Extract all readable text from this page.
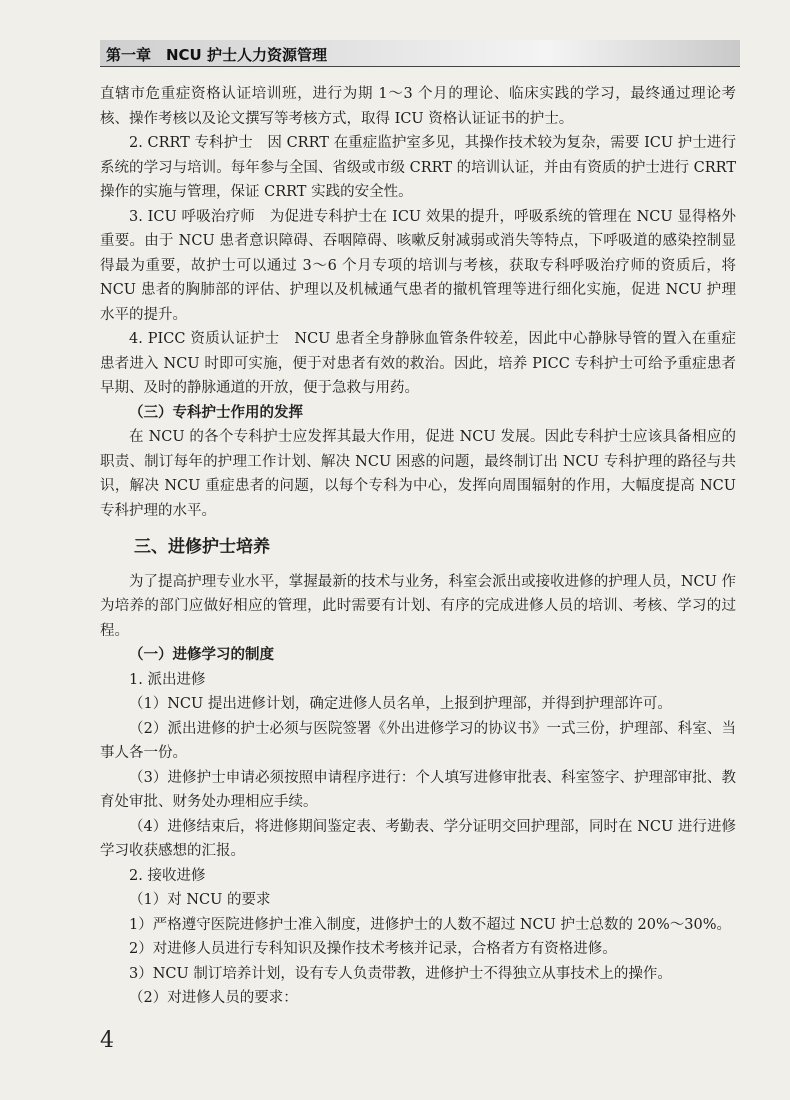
第一章　NCU 护士人力资源管理

直辖市危重症资格认证培训班，进行为期 1～3 个月的理论、临床实践的学习，最终通过理论考核、操作考核以及论文撰写等考核方式，取得 ICU 资格认证证书的护士。

2. CRRT 专科护士　因 CRRT 在重症监护室多见，其操作技术较为复杂，需要 ICU 护士进行系统的学习与培训。每年参与全国、省级或市级 CRRT 的培训认证，并由有资质的护士进行 CRRT 操作的实施与管理，保证 CRRT 实践的安全性。

3. ICU 呼吸治疗师　为促进专科护士在 ICU 效果的提升，呼吸系统的管理在 NCU 显得格外重要。由于 NCU 患者意识障碍、吞咽障碍、咳嗽反射减弱或消失等特点，下呼吸道的感染控制显得最为重要，故护士可以通过 3～6 个月专项的培训与考核，获取专科呼吸治疗师的资质后，将 NCU 患者的胸肺部的评估、护理以及机械通气患者的撤机管理等进行细化实施，促进 NCU 护理水平的提升。

4. PICC 资质认证护士　NCU 患者全身静脉血管条件较差，因此中心静脉导管的置入在重症患者进入 NCU 时即可实施，便于对患者有效的救治。因此，培养 PICC 专科护士可给予重症患者早期、及时的静脉通道的开放，便于急救与用药。

（三）专科护士作用的发挥

在 NCU 的各个专科护士应发挥其最大作用，促进 NCU 发展。因此专科护士应该具备相应的职责、制订每年的护理工作计划、解决 NCU 困惑的问题，最终制订出 NCU 专科护理的路径与共识，解决 NCU 重症患者的问题，以每个专科为中心，发挥向周围辐射的作用，大幅度提高 NCU 专科护理的水平。

三、进修护士培养

为了提高护理专业水平，掌握最新的技术与业务，科室会派出或接收进修的护理人员，NCU 作为培养的部门应做好相应的管理，此时需要有计划、有序的完成进修人员的培训、考核、学习的过程。

（一）进修学习的制度

1. 派出进修

（1）NCU 提出进修计划，确定进修人员名单，上报到护理部，并得到护理部许可。

（2）派出进修的护士必须与医院签署《外出进修学习的协议书》一式三份，护理部、科室、当事人各一份。

（3）进修护士申请必须按照申请程序进行：个人填写进修审批表、科室签字、护理部审批、教育处审批、财务处办理相应手续。

（4）进修结束后，将进修期间鉴定表、考勤表、学分证明交回护理部，同时在 NCU 进行进修学习收获感想的汇报。

2. 接收进修

（1）对 NCU 的要求

1）严格遵守医院进修护士准入制度，进修护士的人数不超过 NCU 护士总数的 20%～30%。

2）对进修人员进行专科知识及操作技术考核并记录，合格者方有资格进修。

3）NCU 制订培养计划，设有专人负责带教，进修护士不得独立从事技术上的操作。

（2）对进修人员的要求：

4
